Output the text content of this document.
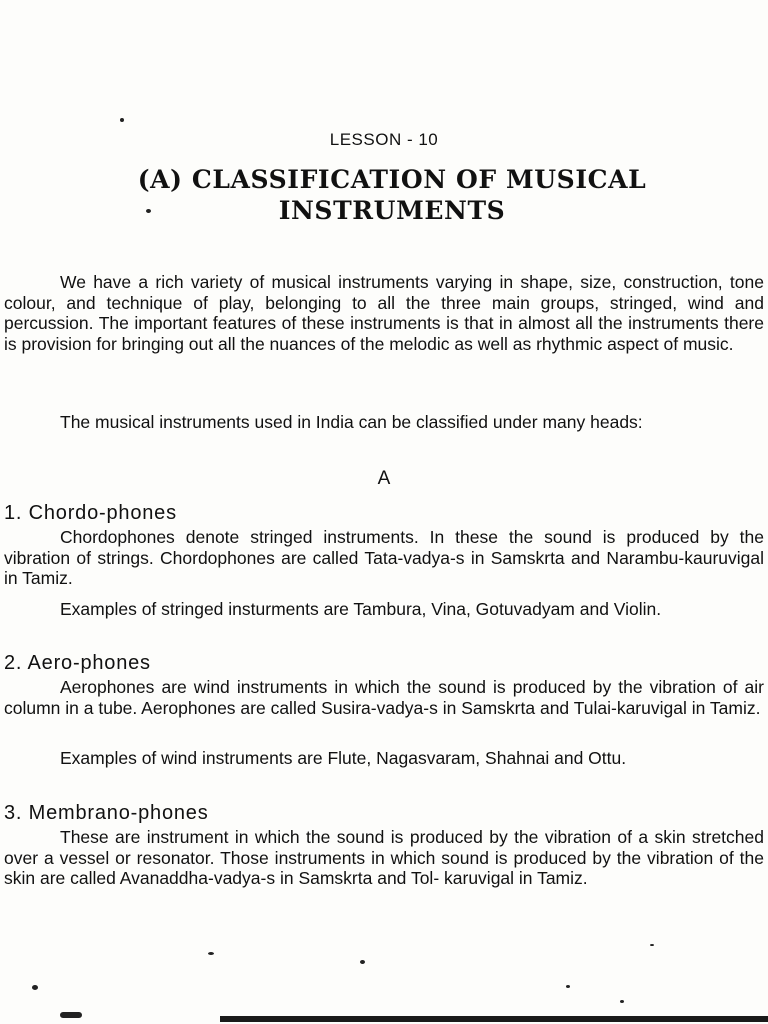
LESSON - 10
(A) CLASSIFICATION OF MUSICAL
INSTRUMENTS

We have a rich variety of musical instruments varying in shape, size, construction, tone colour, and technique of play, belonging to all the three main groups, stringed, wind and percussion. The important features of these instruments is that in almost all the instruments there is provision for bringing out all the nuances of the melodic as well as rhythmic aspect of music.

The musical instruments used in India can be classified under many heads:

A
1. Chordo-phones

Chordophones denote stringed instruments. In these the sound is produced by the vibration of strings. Chordophones are called Tata-vadya-s in Samskrta and Narambu-kauruvigal in Tamiz.

Examples of stringed insturments are Tambura, Vina, Gotuvadyam and Violin.

2. Aero-phones

Aerophones are wind instruments in which the sound is produced by the vibration of air column in a tube. Aerophones are called Susira-vadya-s in Samskrta and Tulai-karuvigal in Tamiz.

Examples of wind instruments are Flute, Nagasvaram, Shahnai and Ottu.

3. Membrano-phones

These are instrument in which the sound is produced by the vibration of a skin stretched over a vessel or resonator. Those instruments in which sound is produced by the vibration of the skin are called Avanaddha-vadya-s in Samskrta and Tol- karuvigal in Tamiz.
